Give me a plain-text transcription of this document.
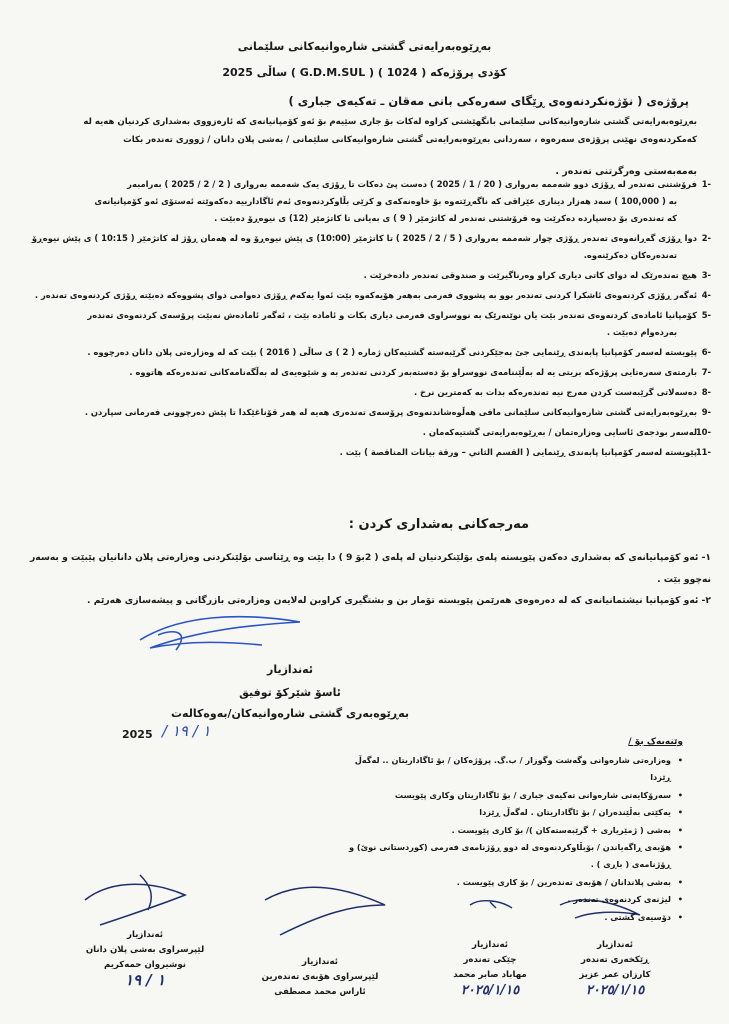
بەڕێوەبەرایەتی گشتی شارەوانیەکانی سلێمانی
کۆدی پرۆژەکە ( 1024 ) ( G.D.M.SUL ) ساڵی 2025
پرۆژەی ( نۆژەنکردنەوەی ڕێگای سەرەکی بانی مەقان ـ تەکیەی جباری )
بەڕێوەبەرایەتی گشتی شارەوانیەکانی سلێمانی بانگهێشتی کراوە لەکات بۆ جاری سێیەم بۆ ئەو کۆمپانیانەی کە ئارەزووی بەشداری کردنیان هەیە لە کەمکردنەوەی نهێنی پرۆژەی سەرەوە ، سەردانی بەڕێوەبەرایەتی گشتی شارەوانیەکانی سلێمانی / بەشی پلان دانان / ژووری تەندەر بکات
بەمەبەستی وەرگرتنی تەندەر .
-1
فرۆشتنی تەندەر لە ڕۆژی دوو شەممە بەرواری ( 20 / 1 / 2025 ) دەست پێ دەکات تا ڕۆژی یەک شەممە بەرواری ( 2 / 2 / 2025 ) بەرامبەر
بە ( 100,000 ) سەد هەزار دیناری عێراقی کە ناگەڕێتەوە بۆ خاوەنەکەی و کرێی بڵاوکردنەوەی ئەم ئاگادارییە دەکەوێتە ئەستۆی ئەو کۆمپانیانەی
کە تەندەری بۆ دەسپاردە دەکرێت وە فرۆشتنی تەندەر لە کاتژمێر ( 9 ) ی بەیانی تا کاتژمێر (12) ی نیوەڕۆ دەبێت .
-2
دوا ڕۆژی گەڕانەوەی تەندەر ڕۆژی چوار شەممە بەرواری ( 5 / 2 / 2025 ) تا کاتژمێر (10:00) ی پێش نیوەڕۆ وە لە هەمان ڕۆژ لە کاتژمێر ( 10:15 ) ی پێش نیوەڕۆ
تەندەرەکان دەکرێنەوە.
-3
هیچ تەندەرێک لە دوای کاتی دیاری کراو وەرناگیرێت و صندوقی تەندەر دادەخرێت .
-4
ئەگەر ڕۆژی کردنەوەی ئاشکرا کردنی تەندەر بوو بە پشووی فەرمی بەهەر هۆیەکەوە بێت ئەوا یەکەم ڕۆژی دەوامی دوای پشووەکە دەبێتە ڕۆژی کردنەوەی تەندەر .
-5
کۆمپانیا ئامادەی کردنەوەی تەندەر بێت یان نوێنەرێک بە نووسراوی فەرمی دیاری بکات و ئامادە بێت ، ئەگەر ئامادەش نەبێت پرۆسەی کردنەوەی تەندەر
بەردەوام دەبێت .
-6
پێویستە لەسەر کۆمپانیا پابەندی ڕێنمایی جێ بەجێکردنی گرێبەستە گشتیەکان ژمارە ( 2 ) ی ساڵی ( 2016 ) بێت کە لە وەزارەتی پلان دانان دەرچووە .
-7
بارمتەی سەرەتایی پرۆژەکە بریتی یە لە بەڵێننامەی نووسراو بۆ دەستەبەر کردنی تەندەر بە و شێوەیەی لە بەڵگەنامەکانی تەندەرەکە هاتووە .
-8
دەسەلاتی گرێبەست کردن مەرج نیە تەندەرەکە بدات بە کەمترین نرخ .
-9
بەڕێوەبەرایەتی گشتی شارەوانیەکانی سلێمانی مافی هەڵوەشاندنەوەی پرۆسەی تەندەری هەیە لە هەر قۆناغێکدا تا پێش دەرچوونی فەرمانی سپاردن .
-10
لەسەر بودجەی ئاسایی وەزارەتمان / بەڕێوەبەرایەتی گشتیەکەمان .
-11
پێویستە لەسەر کۆمپانیا پابەندی ڕێنمایی ( القسم الثاني – ورقة بيانات المناقصة ) بێت .
مەرجەکانی بەشداری کردن :
١- ئەو کۆمپانیانەی کە بەشداری دەکەن پێویستە پلەی بۆلێنکردنیان لە پلەی ( 2بۆ 9 ) دا بێت وە ڕێناسی بۆلێنکردنی وەزارەتی پلان دانانیان پێبێت و بەسەر نەچوو بێت .
٢- ئەو کۆمپانیا نیشتمانیانەی کە لە دەرەوەی هەرێمن پێویستە تۆمار بن و بشتگیری کراوبن لەلایەن وەزارەتی بازرگانی و پیشەسازی هەرێم .
ئەندازیار
ئاسۆ شێرکۆ توفیق
بەڕێوەبەری گشتی شارەوانیەکان/بەوەکالەت
2025 / ١ / ١٩
وێنەیەک بۆ /
• وەزارەتی شارەوانی وگەشت وگوزار / ب.گ. پرۆژەکان / بۆ ئاگاداریتان .. لەگەڵ ڕێزدا
• سەرۆکایەتی شارەوانی تەکیەی جباری / بۆ ئاگاداریتان وکاری پێویست
• یەکێتی بەڵێندەران / بۆ ئاگاداریتان . لەگەڵ ڕێزدا
• بەشی ( ژمێریاری + گرێبەستەکان )/ بۆ کاری پێویست .
• هۆبەی ڕاگەیاندن / بۆبڵاوکردنەوەی لە دوو ڕۆژنامەی فەرمی (کوردستانی نوێ) و ڕۆژنامەی ( باڕی ) .
• بەشی پلاندانان / هۆبەی تەندەرین / بۆ کاری پێویست .
• لیژنەی کردنەوەی تەندەر .
• دۆسیەی گشتی .
ئەندازیار
ڕێکخەری تەندەر
کارزان عمر عزیز
٢٠٢٥/١/١٥
ئەندازیار
چێکی تەندەر
مهاباد صابر محمد
٢٠٢٥/١/١٥
ئەندازیار
لێپرسراوی هۆبەی تەندەرین
ئاراس محمد مصطفی
ئەندازیار
لێپرسراوی بەشی پلان دانان
نوشیروان حمەکریم
١ / ١٩
